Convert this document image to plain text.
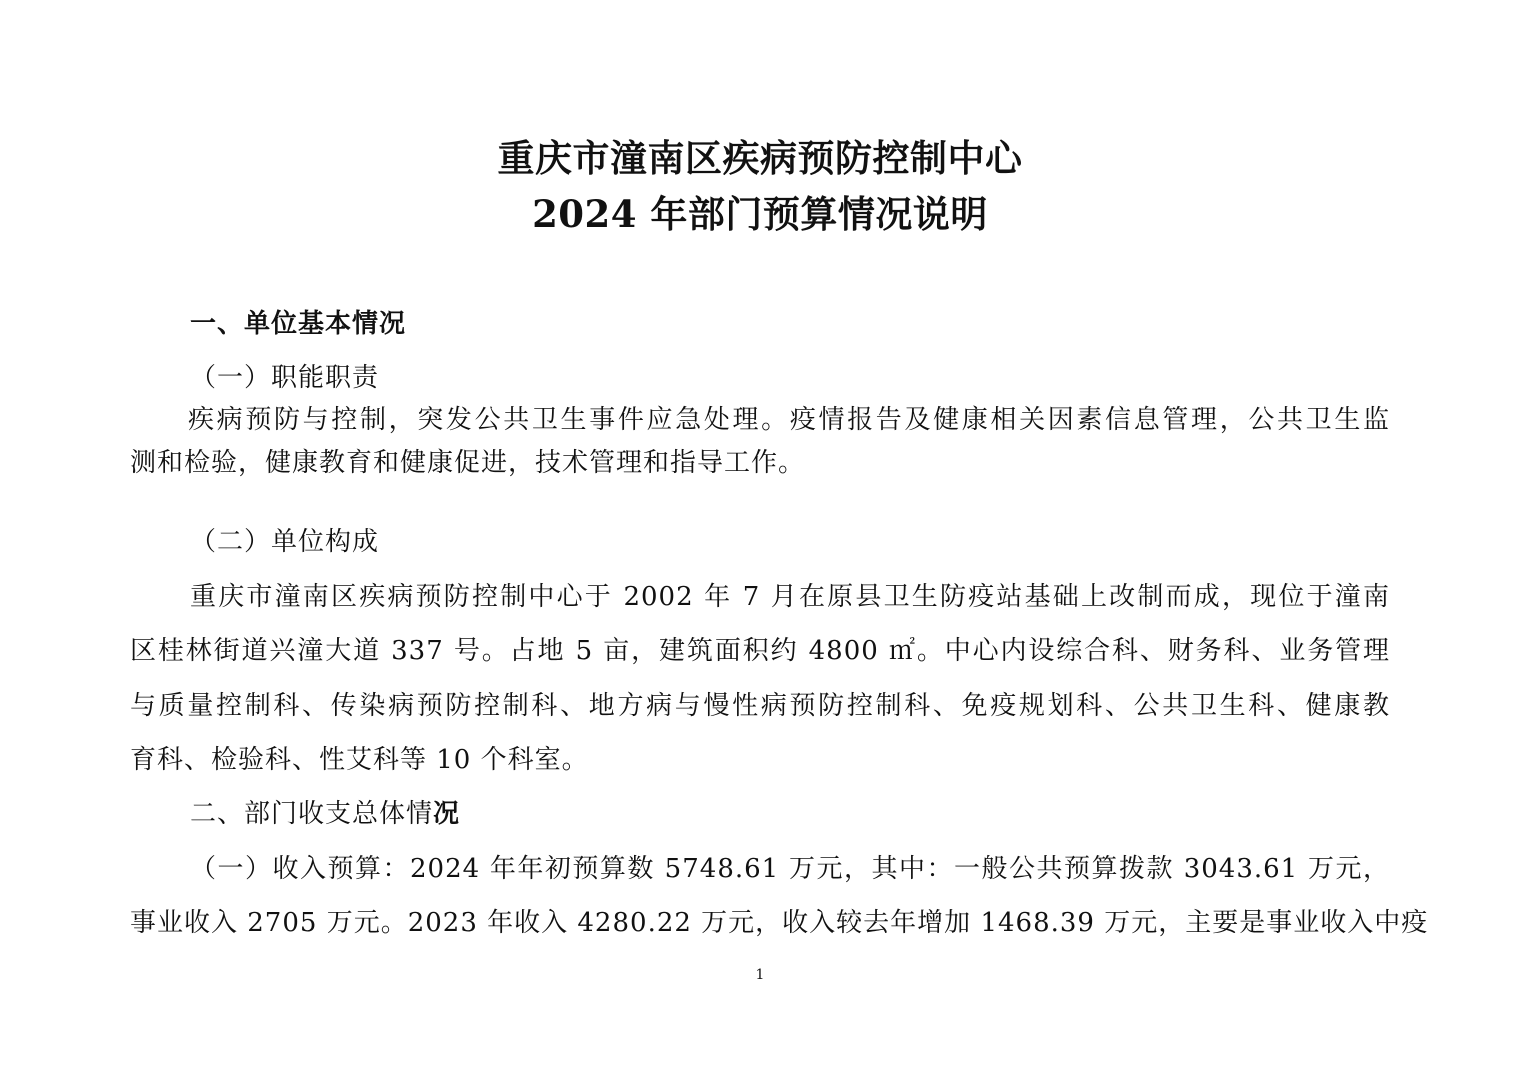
重庆市潼南区疾病预防控制中心
2024 年部门预算情况说明
一、单位基本情况
（一）职能职责
疾病预防与控制，突发公共卫生事件应急处理。疫情报告及健康相关因素信息管理，公共卫生监
测和检验，健康教育和健康促进，技术管理和指导工作。
（二）单位构成
重庆市潼南区疾病预防控制中心于 2002 年 7 月在原县卫生防疫站基础上改制而成，现位于潼南
区桂林街道兴潼大道 337 号。占地 5 亩，建筑面积约 4800 ㎡。中心内设综合科、财务科、业务管理
与质量控制科、传染病预防控制科、地方病与慢性病预防控制科、免疫规划科、公共卫生科、健康教
育科、检验科、性艾科等 10 个科室。
二、部门收支总体情况
（一）收入预算：2024 年年初预算数 5748.61 万元，其中：一般公共预算拨款 3043.61 万元，
事业收入 2705 万元。2023 年收入 4280.22 万元，收入较去年增加 1468.39 万元，主要是事业收入中疫
1
